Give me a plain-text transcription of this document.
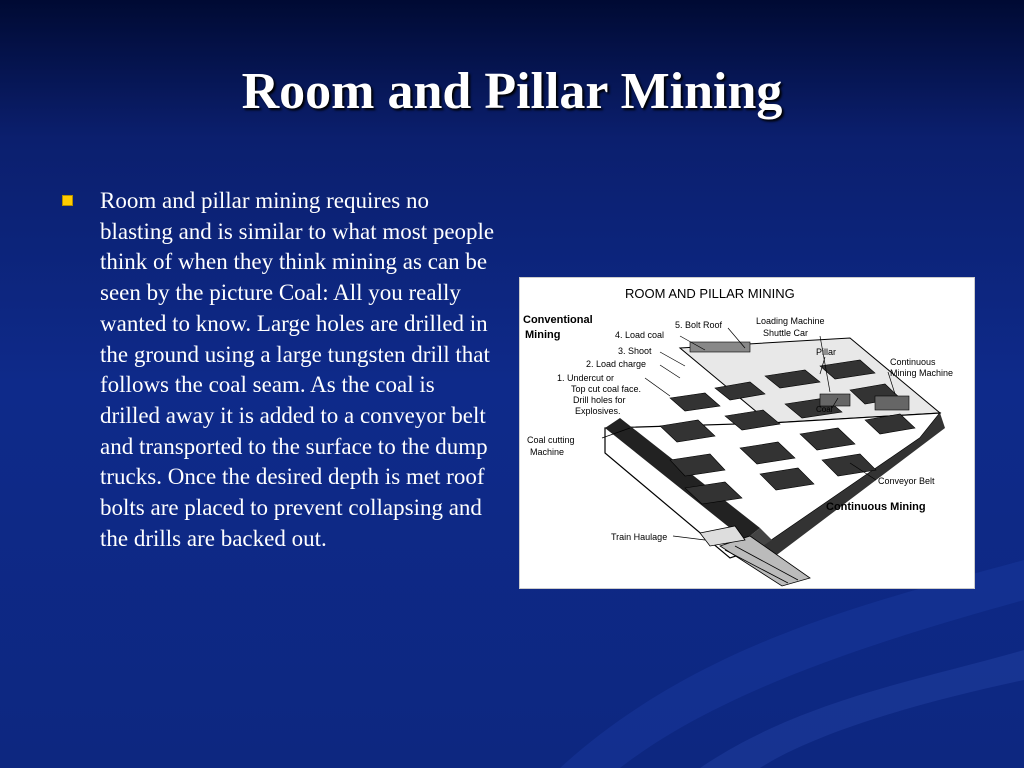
Room and Pillar Mining
Room and pillar mining requires no blasting and is similar to what most people think of when they think mining as can be seen by the picture Coal: All you really wanted to know. Large holes are drilled in the ground using a large tungsten drill that follows the coal seam. As the coal is drilled away it is added to a conveyor belt and transported to the surface to the dump trucks. Once the desired depth is met roof bolts are placed to prevent collapsing and the drills are backed out.
ROOM AND PILLAR MINING
Conventional
Mining
5. Bolt Roof
4. Load coal
3. Shoot
2. Load charge
1. Undercut or
Top cut coal face.
Drill holes for
Explosives.
Loading Machine
Shuttle Car
Pillar
Continuous
Mining Machine
Coal
Coal cutting
Machine
Conveyor Belt
Continuous Mining
Train Haulage
